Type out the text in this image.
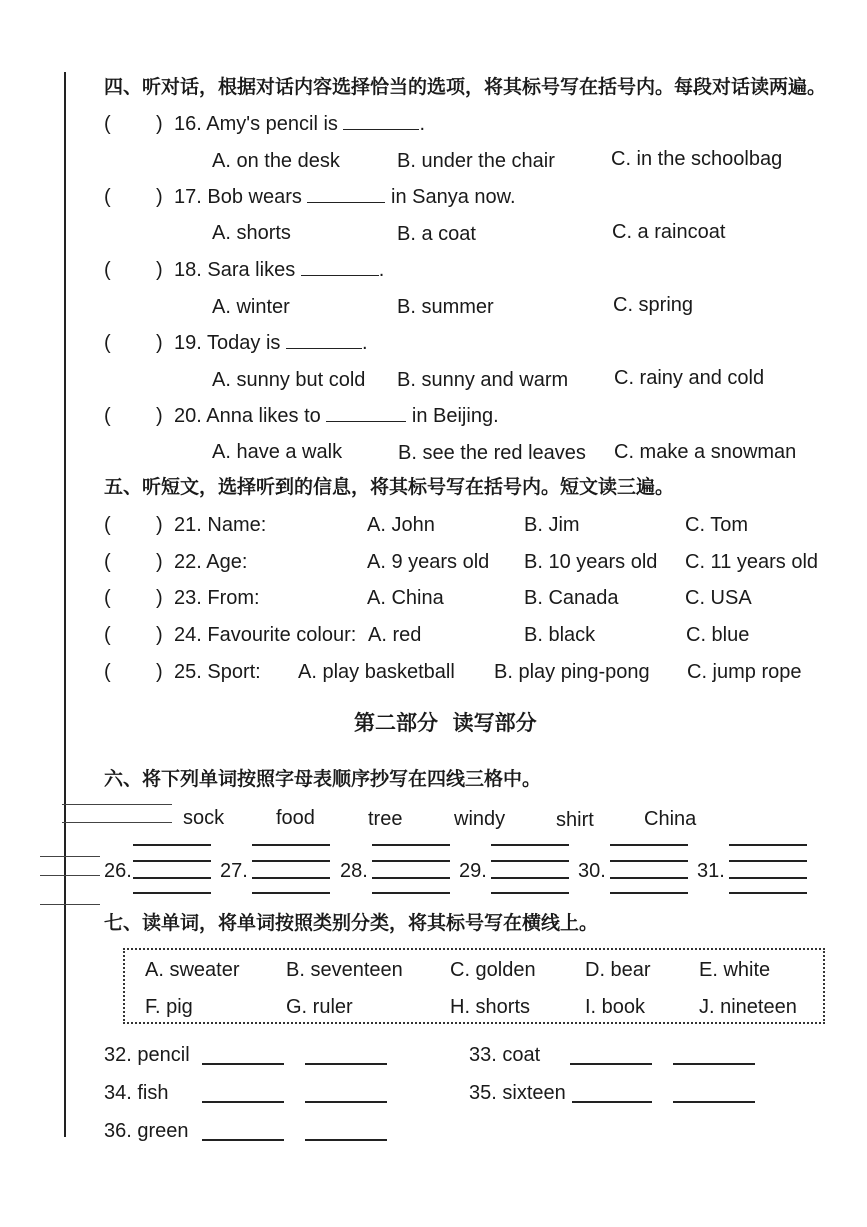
四、听对话，根据对话内容选择恰当的选项，将其标号写在括号内。每段对话读两遍。
( ) 16. Amy's pencil is	.
A. on the desk	B. under the chair	C. in the schoolbag
( ) 17. Bob wears	in Sanya now.
A. shorts	B. a coat	C. a raincoat
( ) 18. Sara likes	.
A. winter	B. summer	C. spring
( ) 19. Today is	.
A. sunny but cold B. sunny and warm C. rainy and cold
( ) 20. Anna likes to	in Beijing.
A. have a walk	B. see the red leaves C. make a snowman
五、听短文，选择听到的信息，将其标号写在括号内。短文读三遍。
( ) 21. Name:	A. John	B. Jim	C. Tom
( ) 22. Age:	A. 9 years old B. 10 years old C. 11 years old
( ) 23. From:	A. China	B. Canada	C. USA
( ) 24. Favourite colour: A. red	B. black	C. blue
( ) 25. Sport: A. play basketball B. play ping-pong C. jump rope
第二部分  读写部分
六、将下列单词按照字母表顺序抄写在四线三格中。
sock	food	tree	windy	shirt	China
26.	27.	28.	29.	30.	31.
七、读单词，将单词按照类别分类，将其标号写在横线上。
A. sweater B. seventeen C. golden D. bear E. white
F. pig	G. ruler	H. shorts	I. book	J. nineteen
32. pencil	33. coat
34. fish	35. sixteen
36. green
